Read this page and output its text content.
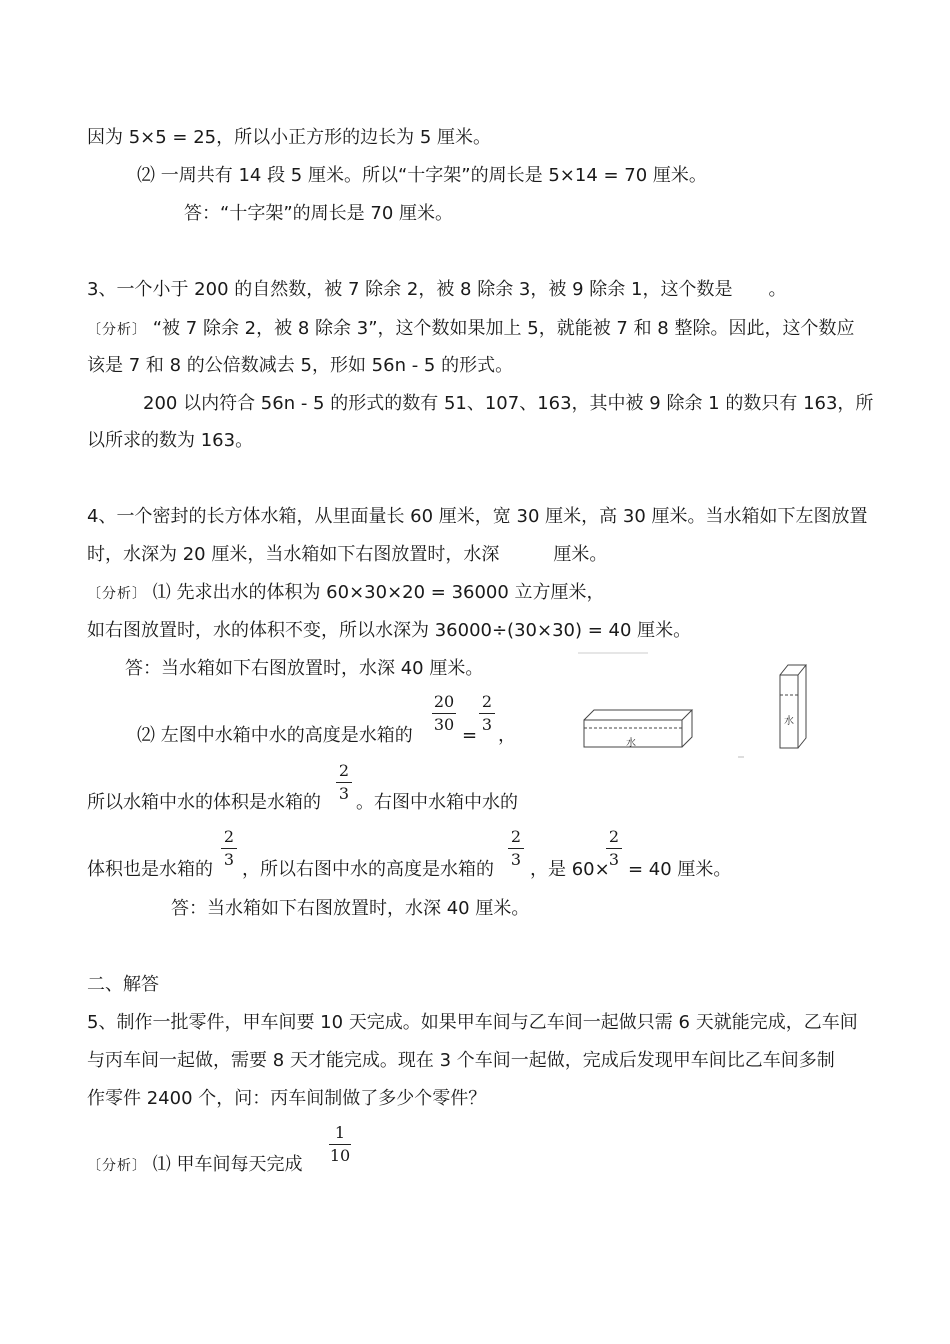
因为 5×5 = 25，所以小正方形的边长为 5 厘米。
⑵ 一周共有 14 段 5 厘米。所以“十字架”的周长是 5×14 = 70 厘米。
答：“十字架”的周长是 70 厘米。
3、一个小于 200 的自然数，被 7 除余 2，被 8 除余 3，被 9 除余 1，这个数是　　。
〔分析〕 “被 7 除余 2，被 8 除余 3”，这个数如果加上 5，就能被 7 和 8 整除。因此，这个数应
该是 7 和 8 的公倍数减去 5，形如 56n - 5 的形式。
200 以内符合 56n - 5 的形式的数有 51、107、163，其中被 9 除余 1 的数只有 163，所
以所求的数为 163。
4、一个密封的长方体水箱，从里面量长 60 厘米，宽 30 厘米，高 30 厘米。当水箱如下左图放置
时，水深为 20 厘米，当水箱如下右图放置时，水深　　　厘米。
〔分析〕 ⑴ 先求出水的体积为 60×30×20 = 36000 立方厘米，
如右图放置时，水的体积不变，所以水深为 36000÷(30×30) = 40 厘米。
答：当水箱如下右图放置时，水深 40 厘米。
⑵ 左图中水箱中水的高度是水箱的
20
30
=
2
3
，	水
水
所以水箱中水的体积是水箱的
2
3 。右图中水箱中水的
体积也是水箱的
2
3 ，所以右图中水的高度是水箱的
2
3 ，是 60×
2
3 = 40 厘米。
答：当水箱如下右图放置时，水深 40 厘米。
二、解答
5、制作一批零件，甲车间要 10 天完成。如果甲车间与乙车间一起做只需 6 天就能完成，乙车间
与丙车间一起做，需要 8 天才能完成。现在 3 个车间一起做，完成后发现甲车间比乙车间多制
作零件 2400 个，问：丙车间制做了多少个零件？
〔分析〕 ⑴ 甲车间每天完成
1
10
